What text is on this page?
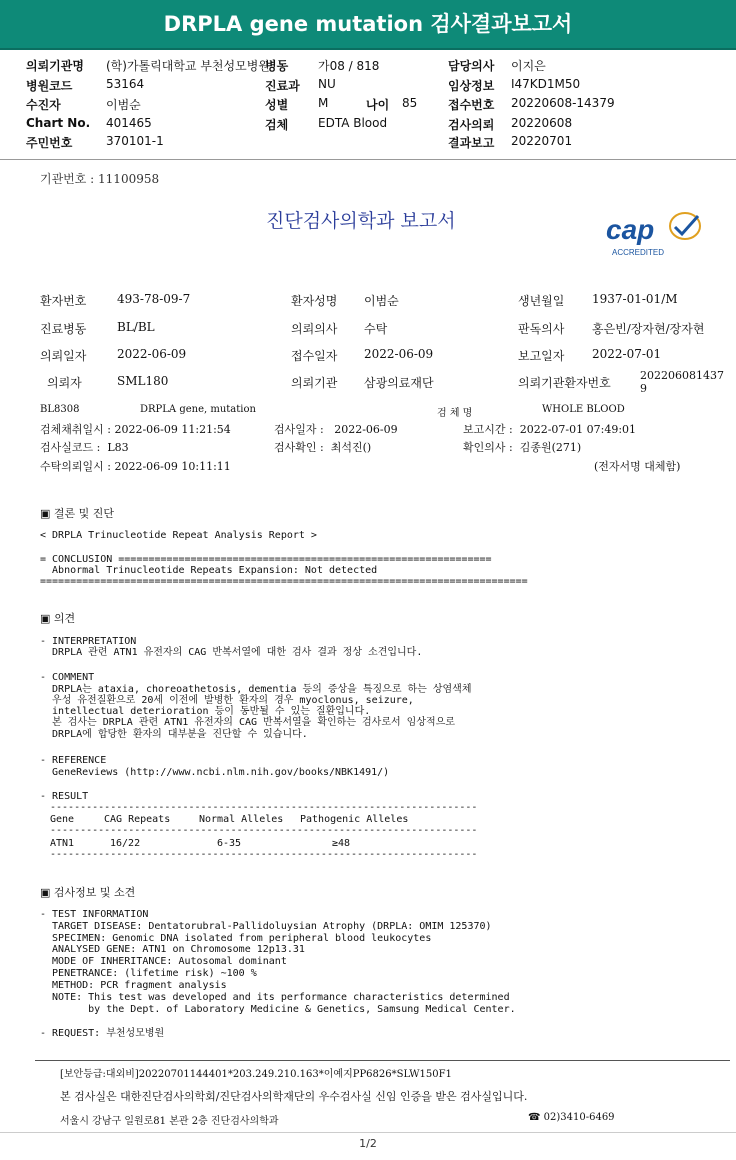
DRPLA gene mutation 검사결과보고서
의뢰기관명 (학)가톨릭대학교 부천성모병원
병동 가08 / 818	담당의사 이지은
병원코드	53164	진료과 NU	임상정보 I47KD1M50
수진자	이범순	성별 M	나이 85	접수번호 20220608-14379
Chart No. 401465	검체 EDTA Blood	검사의뢰 20220608
주민번호	370101-1	결과보고 20220701
기관번호 : 11100958
진단검사의학과 보고서	cap
ACCREDITED
환자번호	493-78-09-7	환자성명 이범순	생년월일 1937-01-01/M
진료병동	BL/BL	의뢰의사 수탁	판독의사 홍은빈/장자현/장자현
의뢰일자	2022-06-09	접수일자 2022-06-09	보고일자 2022-07-01
의뢰자	SML180	의뢰기관 삼광의료재단	의뢰기관환자번호
202206081437
9
BL8308	DRPLA gene, mutation	검 체 명	WHOLE BLOOD
검체채취일시 : 2022-06-09 11:21:54	검사일자 :   2022-06-09	보고시간 :  2022-07-01 07:49:01
검사실코드 :  L83	검사확인 :  최석진()	확인의사 :  김종원(271)
수탁의뢰일시 : 2022-06-09 10:11:11	(전자서명 대체함)
▣ 결론 및 진단
< DRPLA Trinucleotide Repeat Analysis Report >
= CONCLUSION ==============================================================
Abnormal Trinucleotide Repeats Expansion: Not detected
=================================================================================
▣ 의견
- INTERPRETATION
DRPLA 관련 ATN1 유전자의 CAG 반복서열에 대한 검사 결과 정상 소견입니다.
- COMMENT
DRPLA는 ataxia, choreoathetosis, dementia 등의 증상을 특징으로 하는 상염색체
우성 유전질환으로 20세 이전에 발병한 환자의 경우 myoclonus, seizure,
intellectual deterioration 등이 동반될 수 있는 질환입니다.
본 검사는 DRPLA 관련 ATN1 유전자의 CAG 반복서열을 확인하는 검사로서 임상적으로
DRPLA에 합당한 환자의 대부분을 진단할 수 있습니다.
- REFERENCE
GeneReviews (http://www.ncbi.nlm.nih.gov/books/NBK1491/)
- RESULT
-----------------------------------------------------------------------
Gene	CAG Repeats	Normal Alleles Pathogenic Alleles
-----------------------------------------------------------------------
ATN1	16/22	6-35	≥48
-----------------------------------------------------------------------
▣ 검사정보 및 소견
- TEST INFORMATION
TARGET DISEASE: Dentatorubral-Pallidoluysian Atrophy (DRPLA: OMIM 125370)
SPECIMEN: Genomic DNA isolated from peripheral blood leukocytes
ANALYSED GENE: ATN1 on Chromosome 12p13.31
MODE OF INHERITANCE: Autosomal dominant
PENETRANCE: (lifetime risk) ~100 %
METHOD: PCR fragment analysis
NOTE: This test was developed and its performance characteristics determined
by the Dept. of Laboratory Medicine & Genetics, Samsung Medical Center.
- REQUEST: 부천성모병원
[보안등급:대외비]20220701144401*203.249.210.163*이예지PP6826*SLW150F1
본 검사실은 대한진단검사의학회/진단검사의학재단의 우수검사실 신임 인증을 받은 검사실입니다.
서울시 강남구 일원로81 본관 2층 진단검사의학과	☎ 02)3410-6469
1/2
